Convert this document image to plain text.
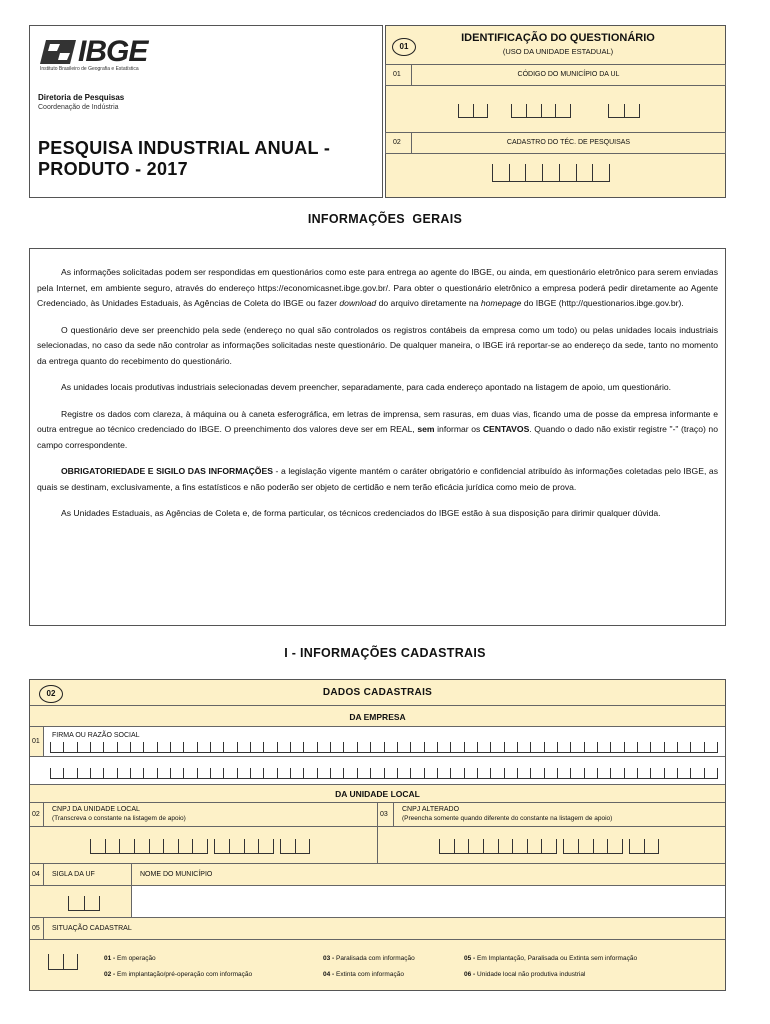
IBGE
Instituto Brasileiro de Geografia e Estatística
Diretoria de Pesquisas
Coordenação de Indústria
PESQUISA INDUSTRIAL ANUAL -
PRODUTO - 2017
01
IDENTIFICAÇÃO DO QUESTIONÁRIO
(USO DA UNIDADE ESTADUAL)
01	CÓDIGO DO MUNICÍPIO DA UL
02	CADASTRO DO TÉC. DE PESQUISAS
INFORMAÇÕES  GERAIS

As informações solicitadas podem ser respondidas em questionários como este para entrega ao agente do IBGE, ou ainda, em questionário eletrônico para serem enviadas pela Internet, em ambiente seguro, através do endereço https://economicasnet.ibge.gov.br/. Para obter o questionário eletrônico a empresa poderá pedir diretamente ao Agente Credenciado, às Unidades Estaduais, às Agências de Coleta do IBGE ou fazer download do arquivo diretamente na homepage do IBGE (http://questionarios.ibge.gov.br).

O questionário deve ser preenchido pela sede (endereço no qual são controlados os registros contábeis da empresa como um todo) ou pelas unidades locais industriais selecionadas, no caso da sede não controlar as informações solicitadas neste questionário. De qualquer maneira, o IBGE irá reportar-se ao endereço da sede, tanto no momento da entrega quanto do recebimento do questionário.

As unidades locais produtivas industriais selecionadas devem preencher, separadamente, para cada endereço apontado na listagem de apoio, um questionário.

Registre os dados com clareza, à máquina ou à caneta esferográfica, em letras de imprensa, sem rasuras, em duas vias, ficando uma de posse da empresa informante e outra entregue ao técnico credenciado do IBGE. O preenchimento dos valores deve ser em REAL, sem informar os CENTAVOS. Quando o dado não existir registre "-" (traço) no campo correspondente.

OBRIGATORIEDADE E SIGILO DAS INFORMAÇÕES - a legislação vigente mantém o caráter obrigatório e confidencial atribuído às informações coletadas pelo IBGE, as quais se destinam, exclusivamente, a fins estatísticos e não poderão ser objeto de certidão e nem terão eficácia jurídica como meio de prova.

As Unidades Estaduais, as Agências de Coleta e, de forma particular, os técnicos credenciados do IBGE estão à sua disposição para dirimir qualquer dúvida.

I - INFORMAÇÕES CADASTRAIS
02	DADOS CADASTRAIS
DA EMPRESA
01
FIRMA OU RAZÃO SOCIAL
DA UNIDADE LOCAL
02
CNPJ DA UNIDADE LOCAL
(Transcreva o constante na listagem de apoio)
03
CNPJ ALTERADO
(Preencha somente quando diferente do constante na listagem de apoio)
04	SIGLA DA UF	NOME DO MUNICÍPIO
05	SITUAÇÃO CADASTRAL
01 - Em operação
02 - Em implantação/pré-operação com informação
03 - Paralisada com informação
04 - Extinta com informação
05 - Em Implantação, Paralisada ou Extinta sem informação
06 - Unidade local não produtiva industrial
